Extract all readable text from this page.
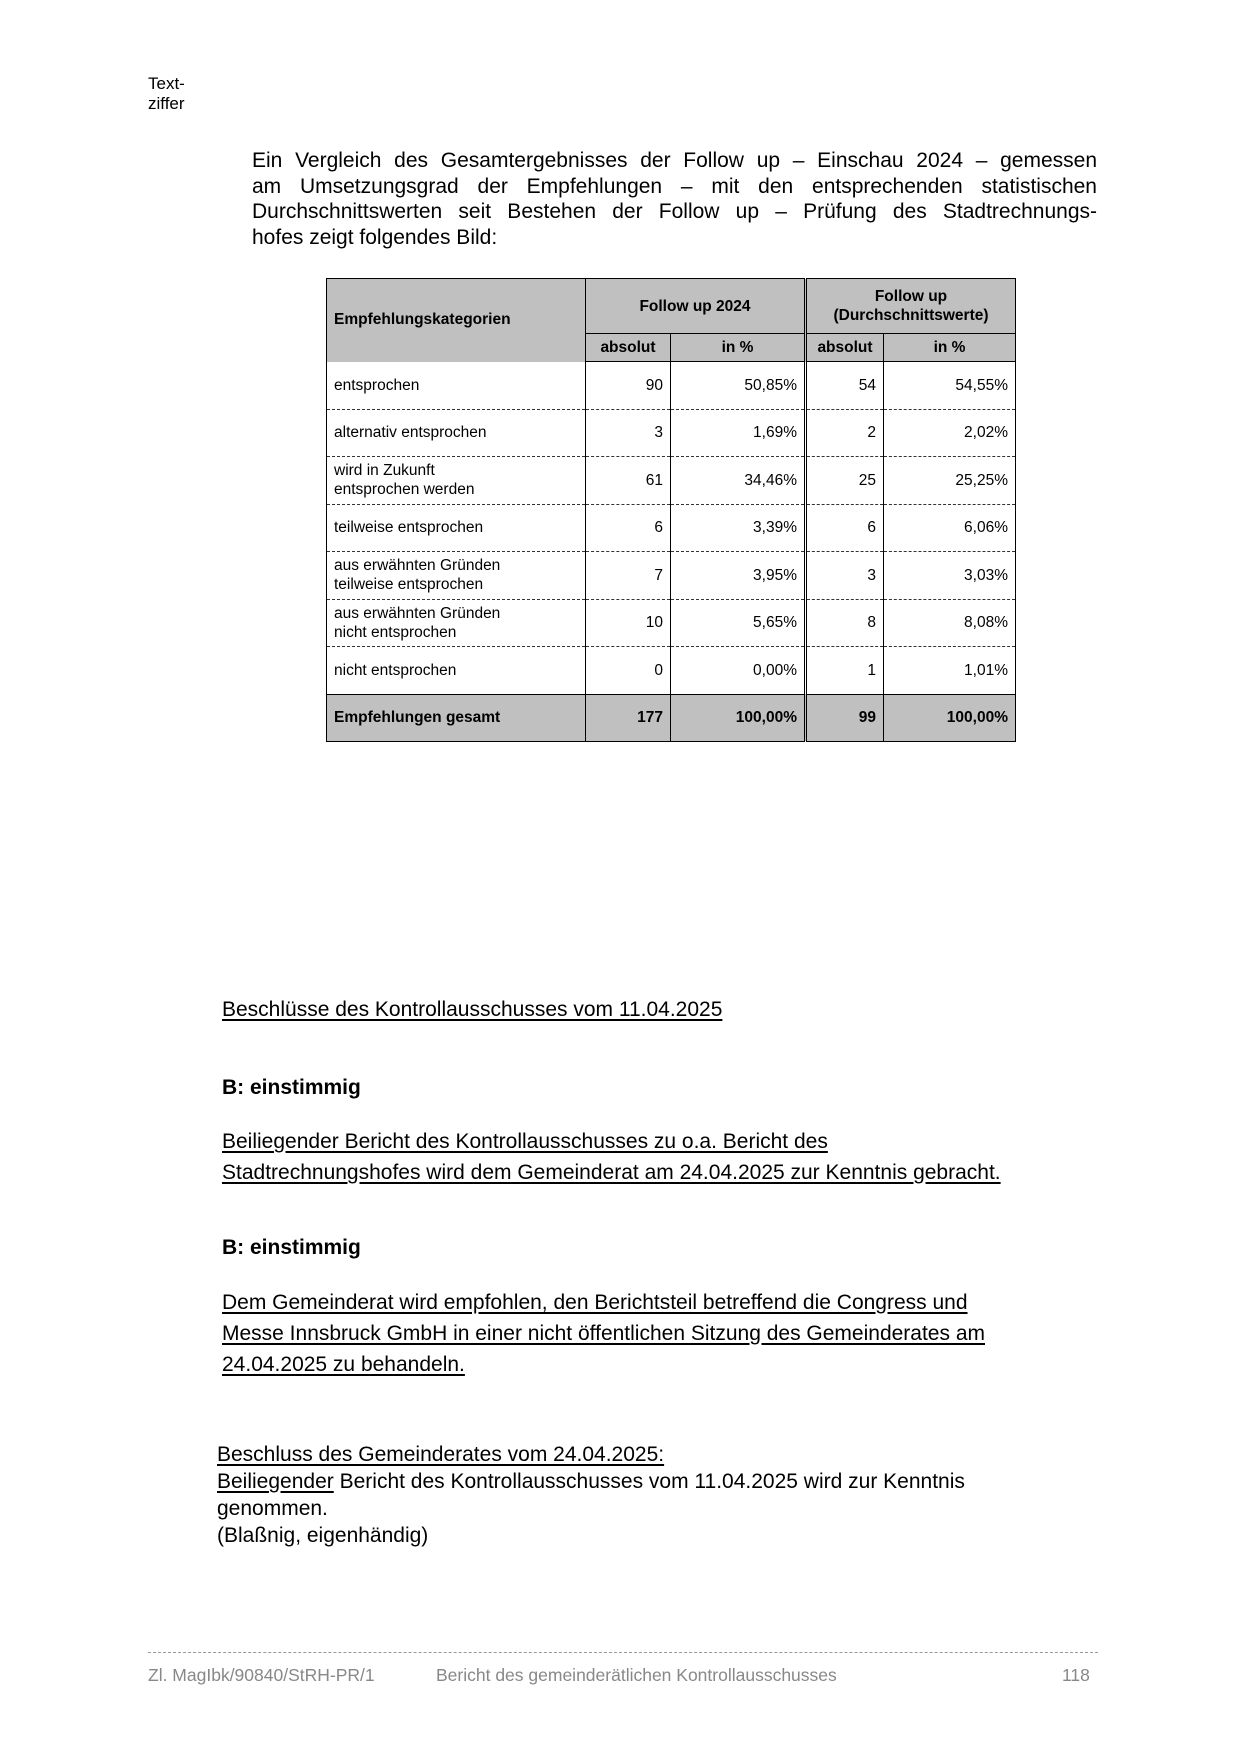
Text-
ziffer
Ein Vergleich des Gesamtergebnisses der Follow up – Einschau 2024 – gemessen
am Umsetzungsgrad der Empfehlungen – mit den entsprechenden statistischen
Durchschnittswerten seit Bestehen der Follow up – Prüfung des Stadtrechnungs-
hofes zeigt folgendes Bild:
Empfehlungskategorien	Follow up 2024		Follow up
(Durchschnittswerte)	

	absolut	in %	absolut	in %

entsprochen	90	50,85%	54	54,55%

alternativ entsprochen	3	1,69%	2	2,02%

wird in Zukunft
entsprochen werden	61	34,46%	25	25,25%

teilweise entsprochen	6	3,39%	6	6,06%

aus erwähnten Gründen
teilweise entsprochen	7	3,95%	3	3,03%

aus erwähnten Gründen
nicht entsprochen	10	5,65%	8	8,08%

nicht entsprochen	0	0,00%	1	1,01%
Empfehlungen gesamt	177	100,00%	99	100,00%
Beschlüsse des Kontrollausschusses vom 11.04.2025
B: einstimmig
Beiliegender Bericht des Kontrollausschusses zu o.a. Bericht des
Stadtrechnungshofes wird dem Gemeinderat am 24.04.2025 zur Kenntnis gebracht.
B: einstimmig
Dem Gemeinderat wird empfohlen, den Berichtsteil betreffend die Congress und
Messe Innsbruck GmbH in einer nicht öffentlichen Sitzung des Gemeinderates am
24.04.2025 zu behandeln.
Beschluss des Gemeinderates vom 24.04.2025:
Beiliegender Bericht des Kontrollausschusses vom 11.04.2025 wird zur Kenntnis
genommen.
(Blaßnig, eigenhändig)
Zl. MagIbk/90840/StRH-PR/1	Bericht des gemeinderätlichen Kontrollausschusses	118
